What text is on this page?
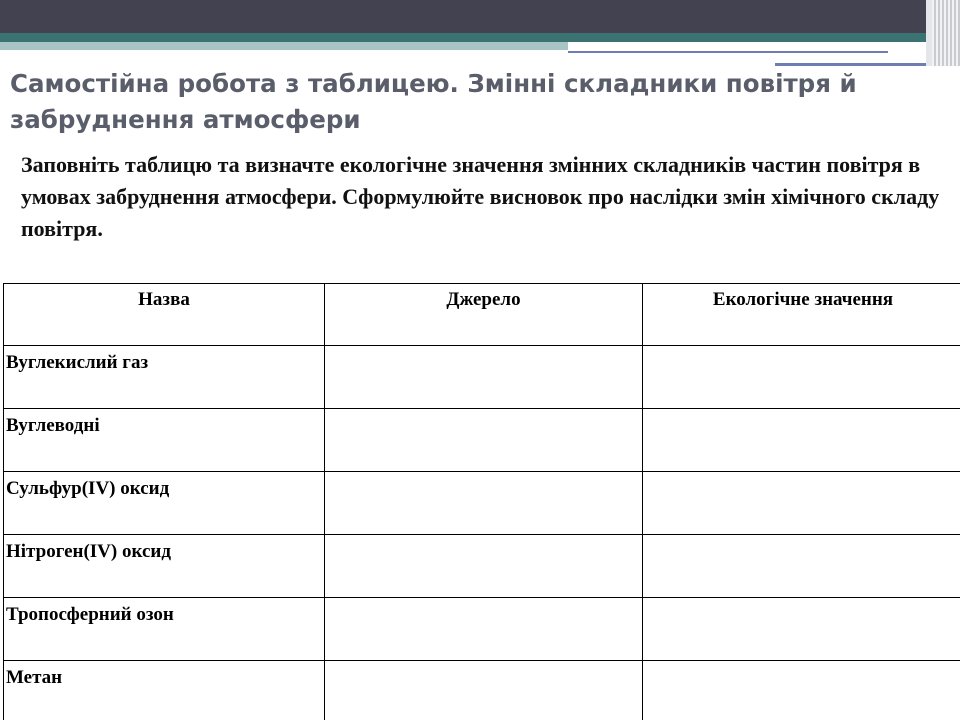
Самостійна робота з таблицею. Змінні складники повітря й забруднення атмосфери

Заповніть таблицю та визначте екологічне значення змінних складників частин повітря в умовах забруднення атмосфери. Сформулюйте висновок про наслідки змін хімічного складу повітря.

Назва	Джерело	Екологічне значення
Вуглекислий газ		
Вуглеводні		
Сульфур(IV) оксид		
Нітроген(IV) оксид		
Тропосферний озон		
Метан		
